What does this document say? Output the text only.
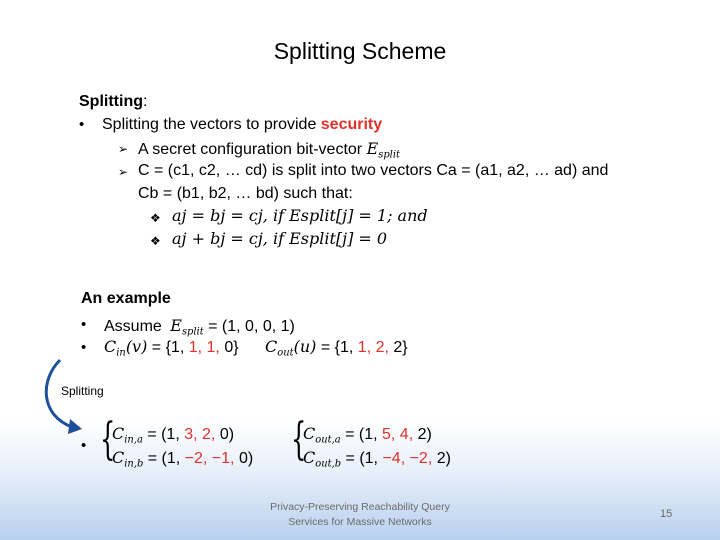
Splitting Scheme
Splitting:
• Splitting the vectors to provide security
➢ A secret configuration bit-vector $E_{split}$
➢ C = (c1, c2, … cd) is split into two vectors Ca = (a1, a2, … ad) and
Cb = (b1, b2, … bd) such that:
❖ aj = bj = cj, if Esplit[j] = 1; and
❖ aj + bj = cj, if Esplit[j] = 0
An example
• Assume $E_{split} = (1$, 0, 0, 1)
• $C_{in}(v) = \{1$, 1, 1, 0} $C_{out}(u) = \{1$, 1, 2, 2}
Splitting
• {
$C_{in,a} = (1$, 3, 2, 0)
$C_{in,b} = (1$, −2, −1, 0) {
$C_{out,a} = (1$, 5, 4, 2)
$C_{out,b} = (1$, −4, −2, 2)
Privacy-Preserving Reachability Query
Services for Massive Networks
15
